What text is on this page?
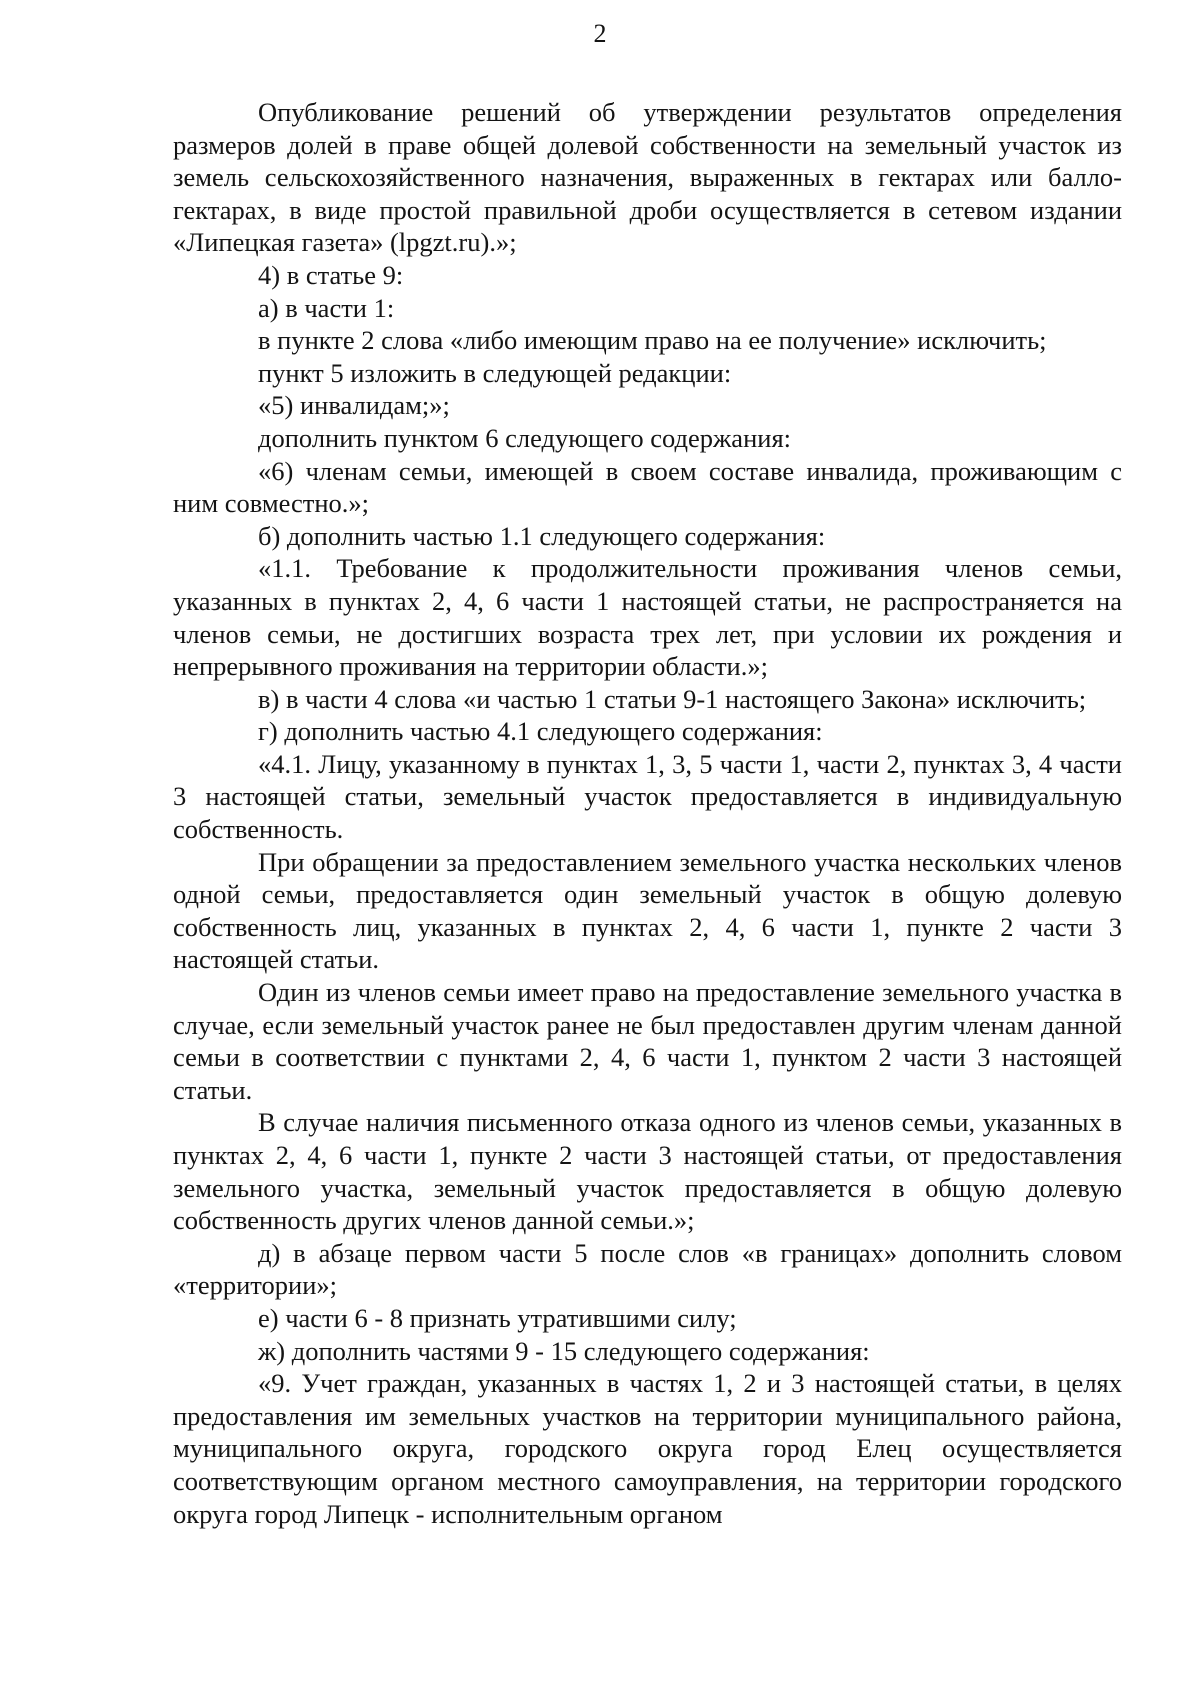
2

Опубликование решений об утверждении результатов определения размеров долей в праве общей долевой собственности на земельный участок из земель сельскохозяйственного назначения, выраженных в гектарах или балло-гектарах, в виде простой правильной дроби осуществляется в сетевом издании «Липецкая газета» (lpgzt.ru).»;

4) в статье 9:

а) в части 1:

в пункте 2 слова «либо имеющим право на ее получение» исключить;

пункт 5 изложить в следующей редакции:

«5) инвалидам;»;

дополнить пунктом 6 следующего содержания:

«6) членам семьи, имеющей в своем составе инвалида, проживающим с ним совместно.»;

б) дополнить частью 1.1 следующего содержания:

«1.1. Требование к продолжительности проживания членов семьи, указанных в пунктах 2, 4, 6 части 1 настоящей статьи, не распространяется на членов семьи, не достигших возраста трех лет, при условии их рождения и непрерывного проживания на территории области.»;

в) в части 4 слова «и частью 1 статьи 9-1 настоящего Закона» исключить;

г) дополнить частью 4.1 следующего содержания:

«4.1. Лицу, указанному в пунктах 1, 3, 5 части 1, части 2, пунктах 3, 4 части 3 настоящей статьи, земельный участок предоставляется в индивидуальную собственность.

При обращении за предоставлением земельного участка нескольких членов одной семьи, предоставляется один земельный участок в общую долевую собственность лиц, указанных в пунктах 2, 4, 6 части 1, пункте 2 части 3 настоящей статьи.

Один из членов семьи имеет право на предоставление земельного участка в случае, если земельный участок ранее не был предоставлен другим членам данной семьи в соответствии с пунктами 2, 4, 6 части 1, пунктом 2 части 3 настоящей статьи.

В случае наличия письменного отказа одного из членов семьи, указанных в пунктах 2, 4, 6 части 1, пункте 2 части 3 настоящей статьи, от предоставления земельного участка, земельный участок предоставляется в общую долевую собственность других членов данной семьи.»;

д) в абзаце первом части 5 после слов «в границах» дополнить словом «территории»;

е) части 6 - 8 признать утратившими силу;

ж) дополнить частями 9 - 15 следующего содержания:

«9. Учет граждан, указанных в частях 1, 2 и 3 настоящей статьи, в целях предоставления им земельных участков на территории муниципального района, муниципального округа, городского округа город Елец осуществляется соответствующим органом местного самоуправления, на территории городского округа город Липецк - исполнительным органом
